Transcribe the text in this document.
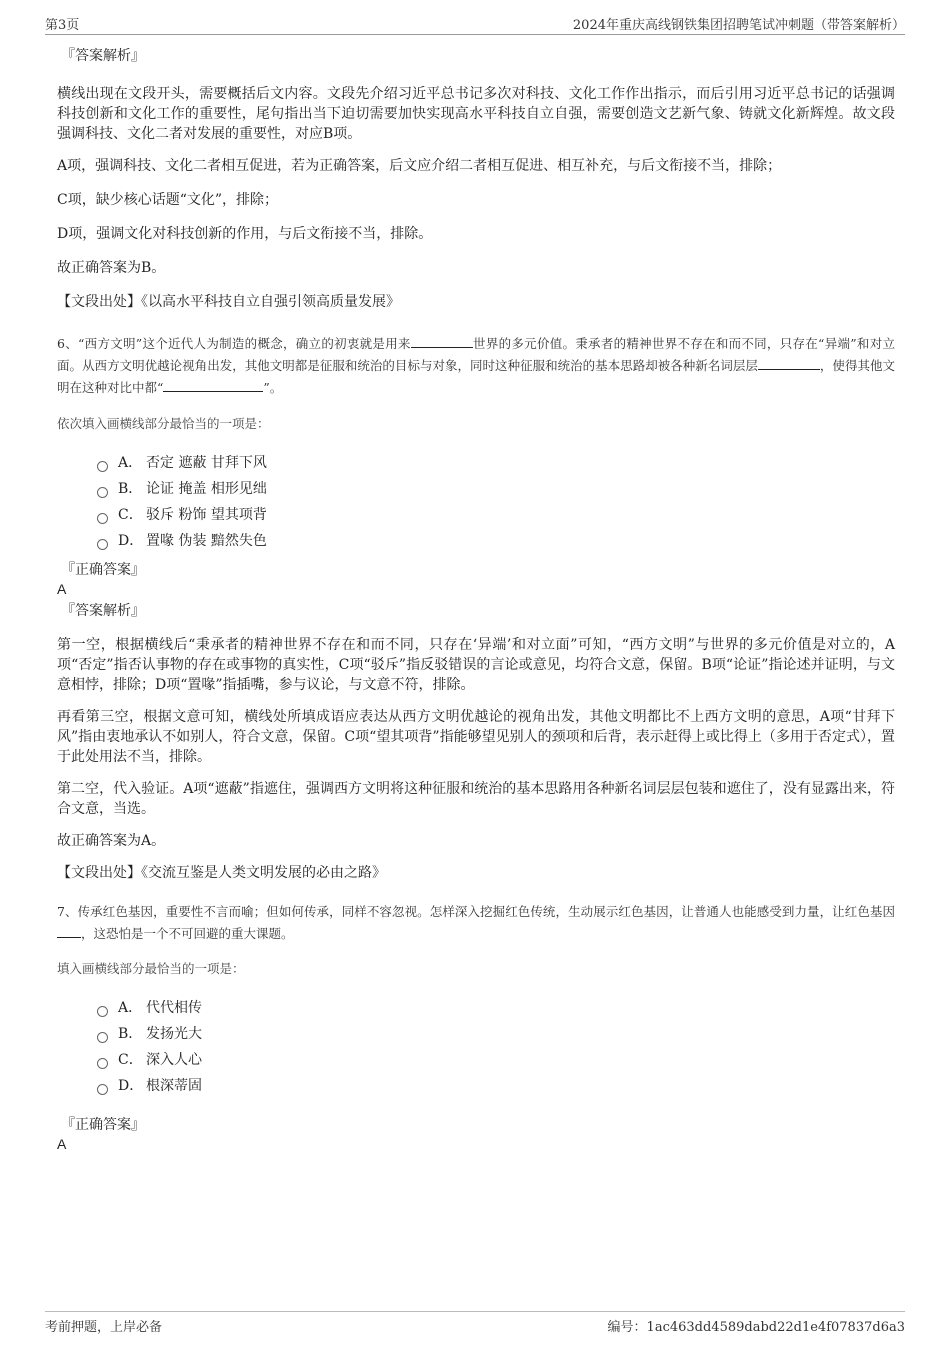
第3页	2024年重庆高线钢铁集团招聘笔试冲刺题（带答案解析）
『答案解析』

横线出现在文段开头，需要概括后文内容。文段先介绍习近平总书记多次对科技、文化工作作出指示，而后引用习近平总书记的话强调科技创新和文化工作的重要性，尾句指出当下迫切需要加快实现高水平科技自立自强，需要创造文艺新气象、铸就文化新辉煌。故文段强调科技、文化二者对发展的重要性，对应B项。

A项，强调科技、文化二者相互促进，若为正确答案，后文应介绍二者相互促进、相互补充，与后文衔接不当，排除；

C项，缺少核心话题“文化”，排除；

D项，强调文化对科技创新的作用，与后文衔接不当，排除。

故正确答案为B。

【文段出处】《以高水平科技自立自强引领高质量发展》

6、“西方文明”这个近代人为制造的概念，确立的初衷就是用来	世界的多元价值。秉承者的精神世界不存在和而不同，只存在“异端”和对立面。从西方文明优越论视角出发，其他文明都是征服和统治的目标与对象，同时这种征服和统治的基本思路却被各种新名词层层	，使得其他文明在这种对比中都“	”。

依次填入画横线部分最恰当的一项是：
A． 否定 遮蔽 甘拜下风
B． 论证 掩盖 相形见绌
C． 驳斥 粉饰 望其项背
D． 置喙 伪装 黯然失色
『正确答案』
A
『答案解析』

第一空，根据横线后“秉承者的精神世界不存在和而不同，只存在‘异端’和对立面”可知，“西方文明”与世界的多元价值是对立的，A项“否定”指否认事物的存在或事物的真实性，C项“驳斥”指反驳错误的言论或意见，均符合文意，保留。B项“论证”指论述并证明，与文意相悖，排除；D项“置喙”指插嘴，参与议论，与文意不符，排除。

再看第三空，根据文意可知，横线处所填成语应表达从西方文明优越论的视角出发，其他文明都比不上西方文明的意思，A项“甘拜下风”指由衷地承认不如别人，符合文意，保留。C项“望其项背”指能够望见别人的颈项和后背，表示赶得上或比得上（多用于否定式），置于此处用法不当，排除。

第二空，代入验证。A项“遮蔽”指遮住，强调西方文明将这种征服和统治的基本思路用各种新名词层层包装和遮住了，没有显露出来，符合文意，当选。

故正确答案为A。

【文段出处】《交流互鉴是人类文明发展的必由之路》

7、传承红色基因，重要性不言而喻；但如何传承，同样不容忽视。怎样深入挖掘红色传统，生动展示红色基因，让普通人也能感受到力量，让红色基因，这恐怕是一个不可回避的重大课题。

填入画横线部分最恰当的一项是：
A． 代代相传
B． 发扬光大
C． 深入人心
D． 根深蒂固
『正确答案』
A
考前押题，上岸必备	编号：1ac463dd4589dabd22d1e4f07837d6a3
